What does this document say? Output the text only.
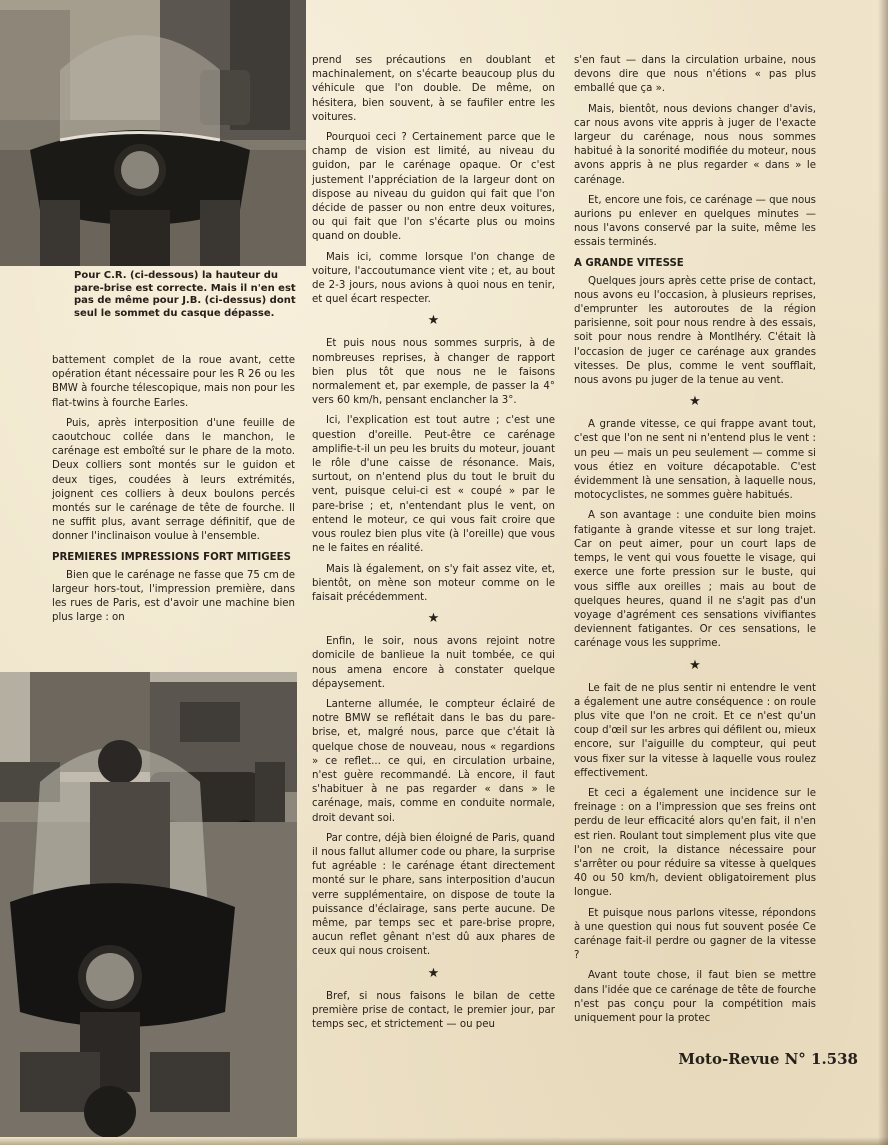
Pour C.R. (ci-dessous) la hauteur du pare-brise est correcte. Mais il n'en est pas de même pour J.B. (ci-dessus) dont seul le sommet du casque dépasse.

battement complet de la roue avant, cette opération étant nécessaire pour les R 26 ou les BMW à fourche télescopique, mais non pour les flat-twins à fourche Earles.

Puis, après interposition d'une feuille de caoutchouc collée dans le manchon, le carénage est emboîté sur le phare de la moto. Deux colliers sont montés sur le guidon et deux tiges, coudées à leurs extrémités, joignent ces colliers à deux boulons percés montés sur le carénage de tête de fourche. Il ne suffit plus, avant serrage définitif, que de donner l'inclinaison voulue à l'ensemble.

PREMIERES IMPRESSIONS FORT MITIGEES

Bien que le carénage ne fasse que 75 cm de largeur hors-tout, l'impression première, dans les rues de Paris, est d'avoir une machine bien plus large : on

prend ses précautions en doublant et machinalement, on s'écarte beaucoup plus du véhicule que l'on double. De même, on hésitera, bien souvent, à se faufiler entre les voitures.

Pourquoi ceci ? Certainement parce que le champ de vision est limité, au niveau du guidon, par le carénage opaque. Or c'est justement l'appréciation de la largeur dont on dispose au niveau du guidon qui fait que l'on décide de passer ou non entre deux voitures, ou qui fait que l'on s'écarte plus ou moins quand on double.

Mais ici, comme lorsque l'on change de voiture, l'accoutumance vient vite ; et, au bout de 2-3 jours, nous avions à quoi nous en tenir, et quel écart respecter.

★

Et puis nous nous sommes surpris, à de nombreuses reprises, à changer de rapport bien plus tôt que nous ne le faisons normalement et, par exemple, de passer la 4° vers 60 km/h, pensant enclancher la 3°.

Ici, l'explication est tout autre ; c'est une question d'oreille. Peut-être ce carénage amplifie-t-il un peu les bruits du moteur, jouant le rôle d'une caisse de résonance. Mais, surtout, on n'entend plus du tout le bruit du vent, puisque celui-ci est « coupé » par le pare-brise ; et, n'entendant plus le vent, on entend le moteur, ce qui vous fait croire que vous roulez bien plus vite (à l'oreille) que vous ne le faites en réalité.

Mais là également, on s'y fait assez vite, et, bientôt, on mène son moteur comme on le faisait précédemment.

★

Enfin, le soir, nous avons rejoint notre domicile de banlieue la nuit tombée, ce qui nous amena encore à constater quelque dépaysement.

Lanterne allumée, le compteur éclairé de notre BMW se reflétait dans le bas du pare-brise, et, malgré nous, parce que c'était là quelque chose de nouveau, nous « regardions » ce reflet... ce qui, en circulation urbaine, n'est guère recommandé. Là encore, il faut s'habituer à ne pas regarder « dans » le carénage, mais, comme en conduite normale, droit devant soi.

Par contre, déjà bien éloigné de Paris, quand il nous fallut allumer code ou phare, la surprise fut agréable : le carénage étant directement monté sur le phare, sans interposition d'aucun verre supplémentaire, on dispose de toute la puissance d'éclairage, sans perte aucune. De même, par temps sec et pare-brise propre, aucun reflet gênant n'est dû aux phares de ceux qui nous croisent.

★

Bref, si nous faisons le bilan de cette première prise de contact, le premier jour, par temps sec, et strictement — ou peu

s'en faut — dans la circulation urbaine, nous devons dire que nous n'étions « pas plus emballé que ça ».

Mais, bientôt, nous devions changer d'avis, car nous avons vite appris à juger de l'exacte largeur du carénage, nous nous sommes habitué à la sonorité modifiée du moteur, nous avons appris à ne plus regarder « dans » le carénage.

Et, encore une fois, ce carénage — que nous aurions pu enlever en quelques minutes — nous l'avons conservé par la suite, même les essais terminés.

A GRANDE VITESSE

Quelques jours après cette prise de contact, nous avons eu l'occasion, à plusieurs reprises, d'emprunter les autoroutes de la région parisienne, soit pour nous rendre à des essais, soit pour nous rendre à Montlhéry. C'était là l'occasion de juger ce carénage aux grandes vitesses. De plus, comme le vent soufflait, nous avons pu juger de la tenue au vent.

★

A grande vitesse, ce qui frappe avant tout, c'est que l'on ne sent ni n'entend plus le vent : un peu — mais un peu seulement — comme si vous étiez en voiture décapotable. C'est évidemment là une sensation, à laquelle nous, motocyclistes, ne sommes guère habitués.

A son avantage : une conduite bien moins fatigante à grande vitesse et sur long trajet. Car on peut aimer, pour un court laps de temps, le vent qui vous fouette le visage, qui exerce une forte pression sur le buste, qui vous siffle aux oreilles ; mais au bout de quelques heures, quand il ne s'agit pas d'un voyage d'agrément ces sensations vivifiantes deviennent fatigantes. Or ces sensations, le carénage vous les supprime.

★

Le fait de ne plus sentir ni entendre le vent a également une autre conséquence : on roule plus vite que l'on ne croit. Et ce n'est qu'un coup d'œil sur les arbres qui défilent ou, mieux encore, sur l'aiguille du compteur, qui peut vous fixer sur la vitesse à laquelle vous roulez effectivement.

Et ceci a également une incidence sur le freinage : on a l'impression que ses freins ont perdu de leur efficacité alors qu'en fait, il n'en est rien. Roulant tout simplement plus vite que l'on ne croit, la distance nécessaire pour s'arrêter ou pour réduire sa vitesse à quelques 40 ou 50 km/h, devient obligatoirement plus longue.

Et puisque nous parlons vitesse, répondons à une question qui nous fut souvent posée Ce carénage fait-il perdre ou gagner de la vitesse ?

Avant toute chose, il faut bien se mettre dans l'idée que ce carénage de tête de fourche n'est pas conçu pour la compétition mais uniquement pour la protec

Moto-Revue N° 1.538
